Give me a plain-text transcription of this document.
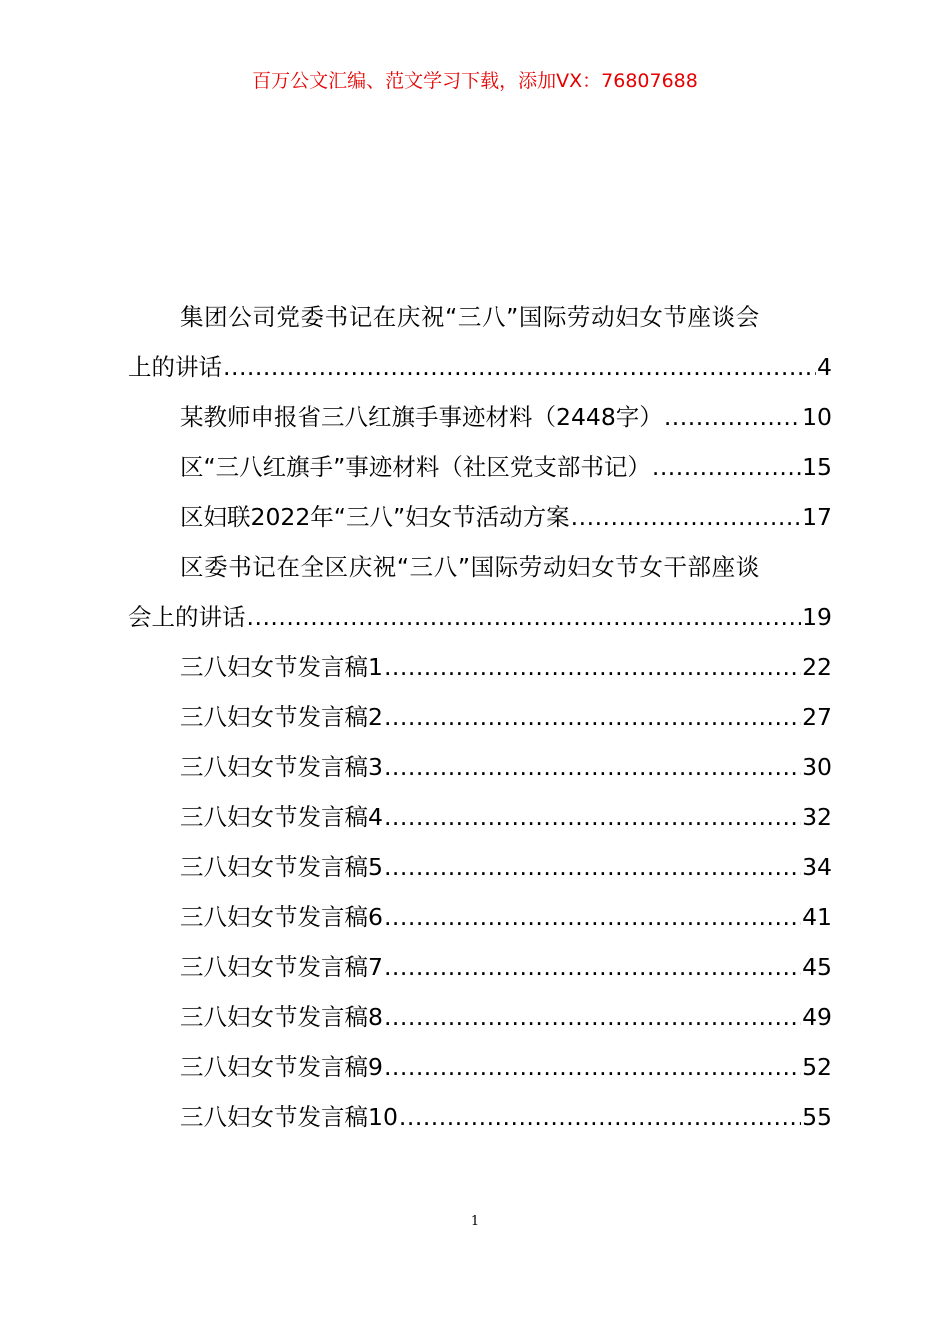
百万公文汇编、范文学习下载，添加VX：76807688
集团公司党委书记在庆祝“三八”国际劳动妇女节座谈会
上的讲话 .....	4
某教师申报省三八红旗手事迹材料（2448字） .....	10
区“三八红旗手”事迹材料（社区党支部书记） .....	15
区妇联2022年“三八”妇女节活动方案 .....	17
区委书记在全区庆祝“三八”国际劳动妇女节女干部座谈
会上的讲话 .....	19
三八妇女节发言稿1 .....	22
三八妇女节发言稿2 .....	27
三八妇女节发言稿3 .....	30
三八妇女节发言稿4 .....	32
三八妇女节发言稿5 .....	34
三八妇女节发言稿6 .....	41
三八妇女节发言稿7 .....	45
三八妇女节发言稿8 .....	49
三八妇女节发言稿9 .....	52
三八妇女节发言稿10 .....	55
1
